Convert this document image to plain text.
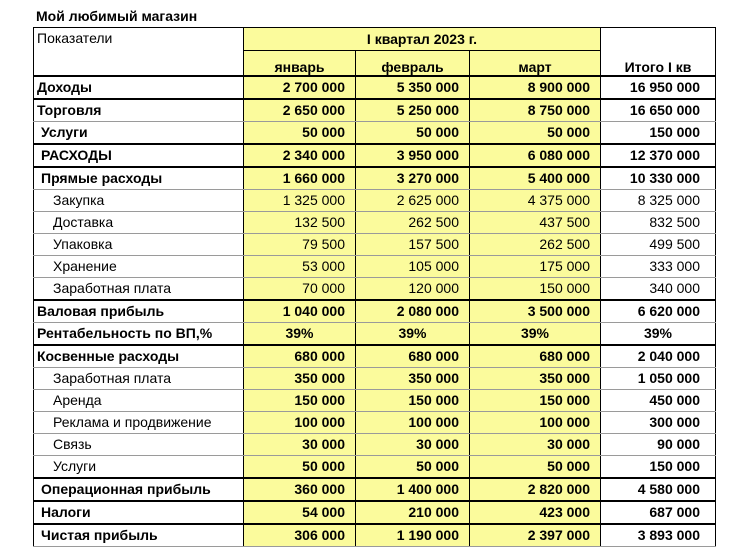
Мой любимый магазин
Показатели	I квартал 2023 г.			
	январь	февраль	март	Итого I кв
Доходы	2 700 000	5 350 000	8 900 000	16 950 000
Торговля	2 650 000	5 250 000	8 750 000	16 650 000
Услуги	50 000	50 000	50 000	150 000
РАСХОДЫ	2 340 000	3 950 000	6 080 000	12 370 000
Прямые расходы	1 660 000	3 270 000	5 400 000	10 330 000
Закупка	1 325 000	2 625 000	4 375 000	8 325 000
Доставка	132 500	262 500	437 500	832 500
Упаковка	79 500	157 500	262 500	499 500
Хранение	53 000	105 000	175 000	333 000
Заработная плата	70 000	120 000	150 000	340 000
Валовая прибыль	1 040 000	2 080 000	3 500 000	6 620 000
Рентабельность по ВП,%	39%	39%	39%	39%
Косвенные расходы	680 000	680 000	680 000	2 040 000
Заработная плата	350 000	350 000	350 000	1 050 000
Аренда	150 000	150 000	150 000	450 000
Реклама и продвижение	100 000	100 000	100 000	300 000
Связь	30 000	30 000	30 000	90 000
Услуги	50 000	50 000	50 000	150 000
Операционная прибыль	360 000	1 400 000	2 820 000	4 580 000
Налоги	54 000	210 000	423 000	687 000
Чистая прибыль	306 000	1 190 000	2 397 000	3 893 000
